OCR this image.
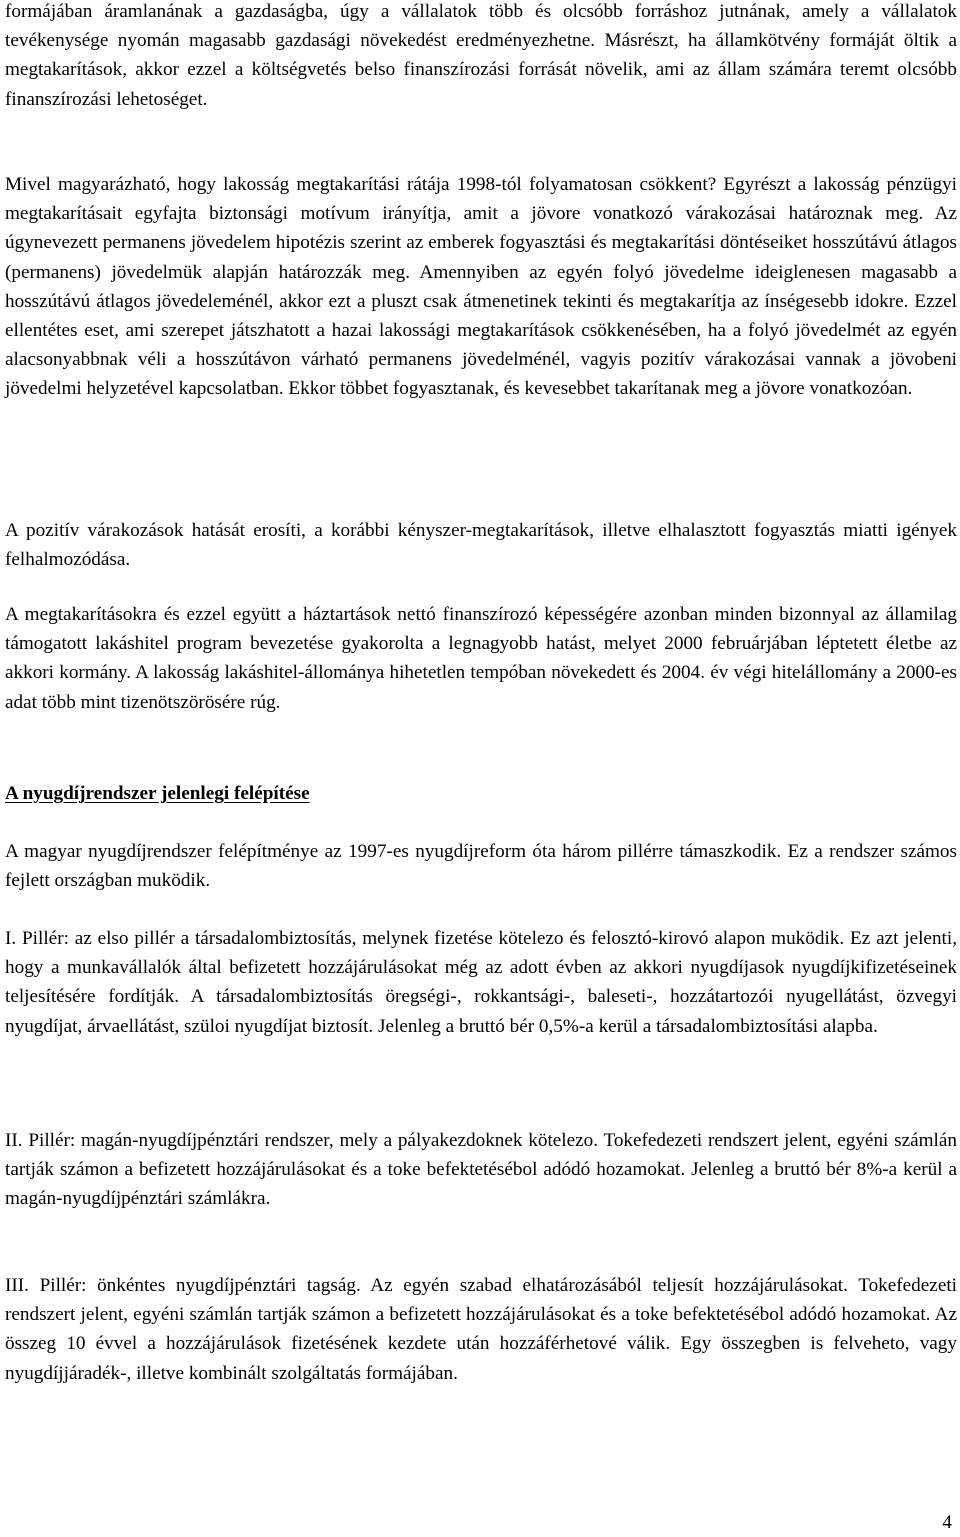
formájában áramlanának a gazdaságba, úgy a vállalatok több és olcsóbb forráshoz jutnának, amely a vállalatok tevékenysége nyomán magasabb gazdasági növekedést eredményezhetne. Másrészt, ha államkötvény formáját öltik a megtakarítások, akkor ezzel a költségvetés belso finanszírozási forrását növelik, ami az állam számára teremt olcsóbb finanszírozási lehetoséget.

Mivel magyarázható, hogy lakosság megtakarítási rátája 1998-tól folyamatosan csökkent? Egyrészt a lakosság pénzügyi megtakarításait egyfajta biztonsági motívum irányítja, amit a jövore vonatkozó várakozásai határoznak meg. Az úgynevezett permanens jövedelem hipotézis szerint az emberek fogyasztási és megtakarítási döntéseiket hosszútávú átlagos (permanens) jövedelmük alapján határozzák meg. Amennyiben az egyén folyó jövedelme ideiglenesen magasabb a hosszútávú átlagos jövedeleménél, akkor ezt a pluszt csak átmenetinek tekinti és megtakarítja az ínségesebb idokre. Ezzel ellentétes eset, ami szerepet játszhatott a hazai lakossági megtakarítások csökkenésében, ha a folyó jövedelmét az egyén alacsonyabbnak véli a hosszútávon várható permanens jövedelménél, vagyis pozitív várakozásai vannak a jövobeni jövedelmi helyzetével kapcsolatban. Ekkor többet fogyasztanak, és kevesebbet takarítanak meg a jövore vonatkozóan.

A pozitív várakozások hatását erosíti, a korábbi kényszer-megtakarítások, illetve elhalasztott fogyasztás miatti igények felhalmozódása.

A megtakarításokra és ezzel együtt a háztartások nettó finanszírozó képességére azonban minden bizonnyal az államilag támogatott lakáshitel program bevezetése gyakorolta a legnagyobb hatást, melyet 2000 februárjában léptetett életbe az akkori kormány. A lakosság lakáshitel-állománya hihetetlen tempóban növekedett és 2004. év végi hitelállomány a 2000-es adat több mint tizenötszörösére rúg.

A nyugdíjrendszer jelenlegi felépítése

A magyar nyugdíjrendszer felépítménye az 1997-es nyugdíjreform óta három pillérre támaszkodik. Ez a rendszer számos fejlett országban muködik.

I. Pillér: az elso pillér a társadalombiztosítás, melynek fizetése kötelezo és felosztó-kirovó alapon muködik. Ez azt jelenti, hogy a munkavállalók által befizetett hozzájárulásokat még az adott évben az akkori nyugdíjasok nyugdíjkifizetéseinek teljesítésére fordítják. A társadalombiztosítás öregségi-, rokkantsági-, baleseti-, hozzátartozói nyugellátást, özvegyi nyugdíjat, árvaellátást, szüloi nyugdíjat biztosít. Jelenleg a bruttó bér 0,5%-a kerül a társadalombiztosítási alapba.

II. Pillér: magán-nyugdíjpénztári rendszer, mely a pályakezdoknek kötelezo. Tokefedezeti rendszert jelent, egyéni számlán tartják számon a befizetett hozzájárulásokat és a toke befektetésébol adódó hozamokat. Jelenleg a bruttó bér 8%-a kerül a magán-nyugdíjpénztári számlákra.

III. Pillér: önkéntes nyugdíjpénztári tagság. Az egyén szabad elhatározásából teljesít hozzájárulásokat. Tokefedezeti rendszert jelent, egyéni számlán tartják számon a befizetett hozzájárulásokat és a toke befektetésébol adódó hozamokat. Az összeg 10 évvel a hozzájárulások fizetésének kezdete után hozzáférhetové válik. Egy összegben is felveheto, vagy nyugdíjjáradék-, illetve kombinált szolgáltatás formájában.

4
